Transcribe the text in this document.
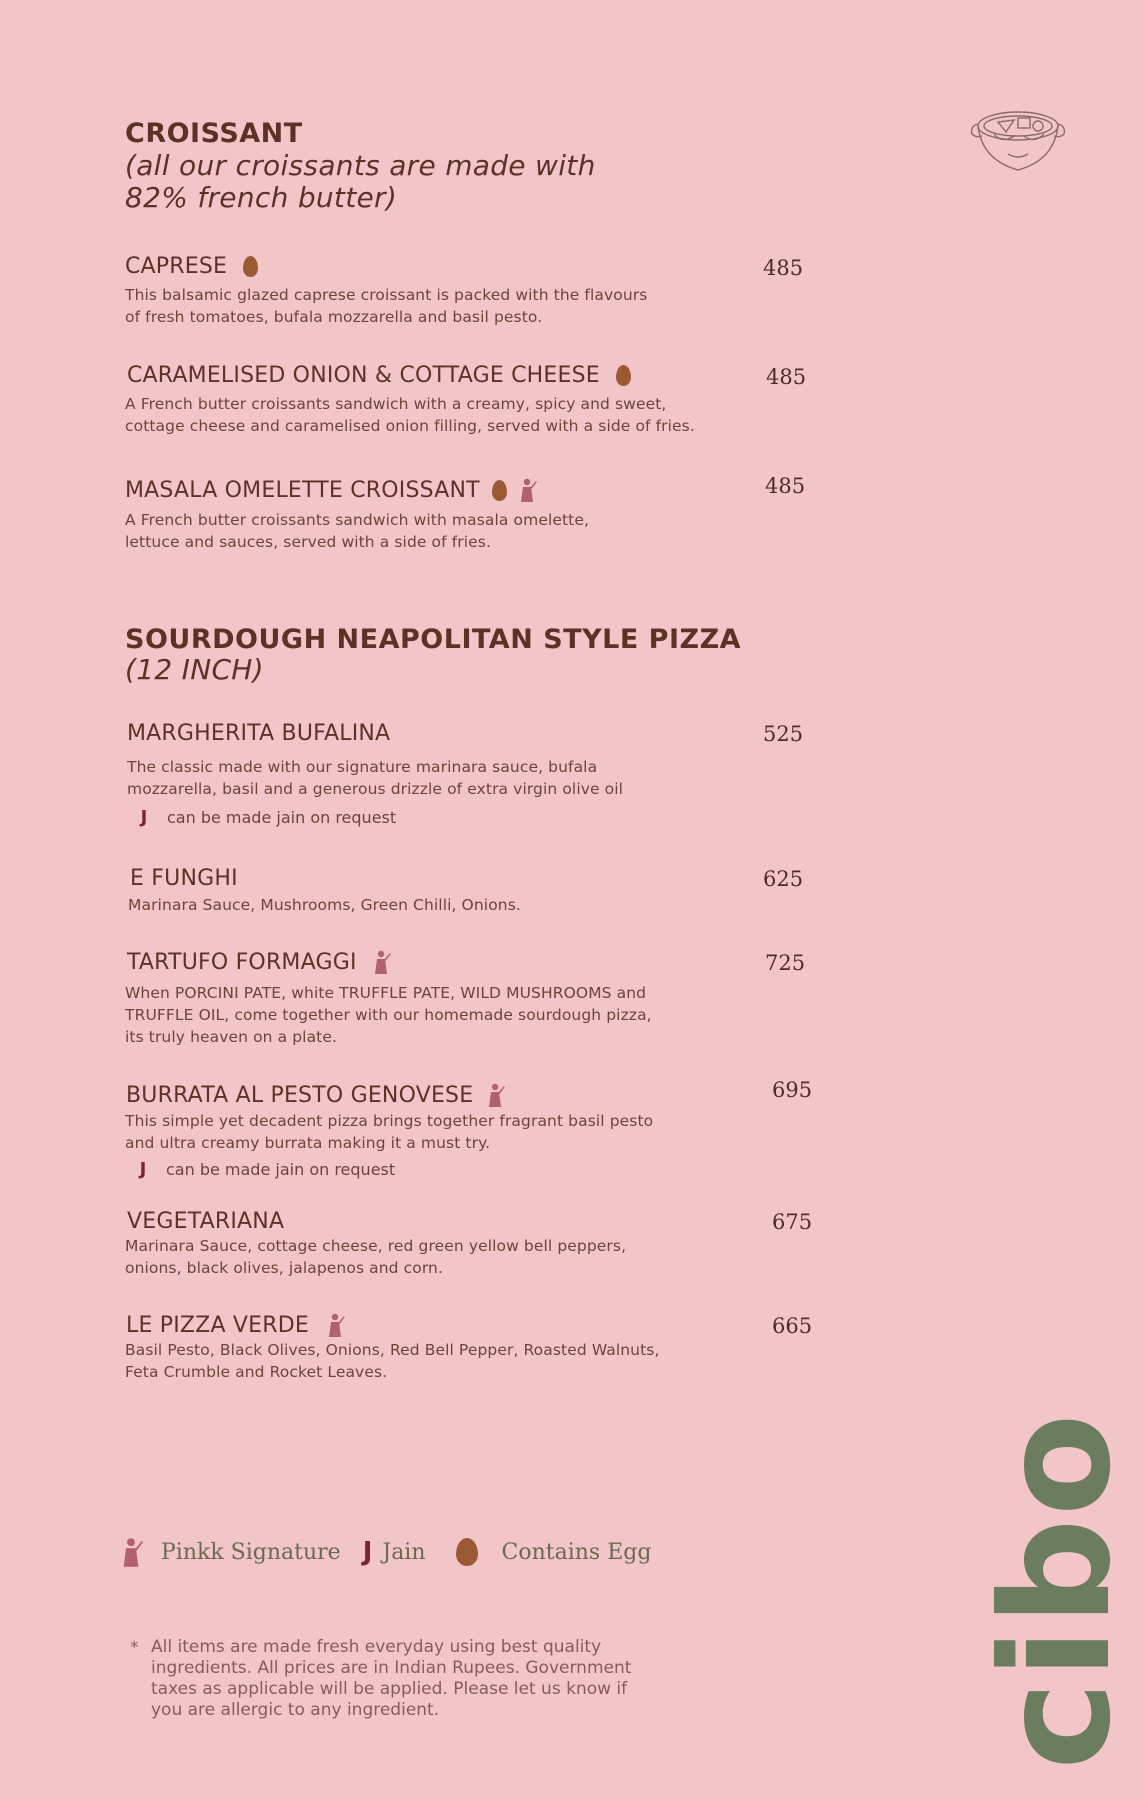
CROISSANT
(all our croissants are made with
82% french butter)
CAPRESE	485
This balsamic glazed caprese croissant is packed with the flavours
of fresh tomatoes, bufala mozzarella and basil pesto.
CARAMELISED ONION & COTTAGE CHEESE	485
A French butter croissants sandwich with a creamy, spicy and sweet,
cottage cheese and caramelised onion filling, served with a side of fries.
MASALA OMELETTE CROISSANT	485
A French butter croissants sandwich with masala omelette,
lettuce and sauces, served with a side of fries.
SOURDOUGH NEAPOLITAN STYLE PIZZA
(12 INCH)
MARGHERITA BUFALINA	525
The classic made with our signature marinara sauce, bufala
mozzarella, basil and a generous drizzle of extra virgin olive oil
J	can be made jain on request
E FUNGHI	625
Marinara Sauce, Mushrooms, Green Chilli, Onions.
TARTUFO FORMAGGI	725
When PORCINI PATE, white TRUFFLE PATE, WILD MUSHROOMS and
TRUFFLE OIL, come together with our homemade sourdough pizza,
its truly heaven on a plate.
BURRATA AL PESTO GENOVESE	695
This simple yet decadent pizza brings together fragrant basil pesto
and ultra creamy burrata making it a must try.
J	can be made jain on request
VEGETARIANA	675
Marinara Sauce, cottage cheese, red green yellow bell peppers,
onions, black olives, jalapenos and corn.
LE PIZZA VERDE	665
Basil Pesto, Black Olives, Onions, Red Bell Pepper, Roasted Walnuts,
Feta Crumble and Rocket Leaves.
Pinkk Signature J Jain	Contains Egg
* All items are made fresh everyday using best quality
ingredients. All prices are in Indian Rupees. Government
taxes as applicable will be applied. Please let us know if
you are allergic to any ingredient.	cibo
